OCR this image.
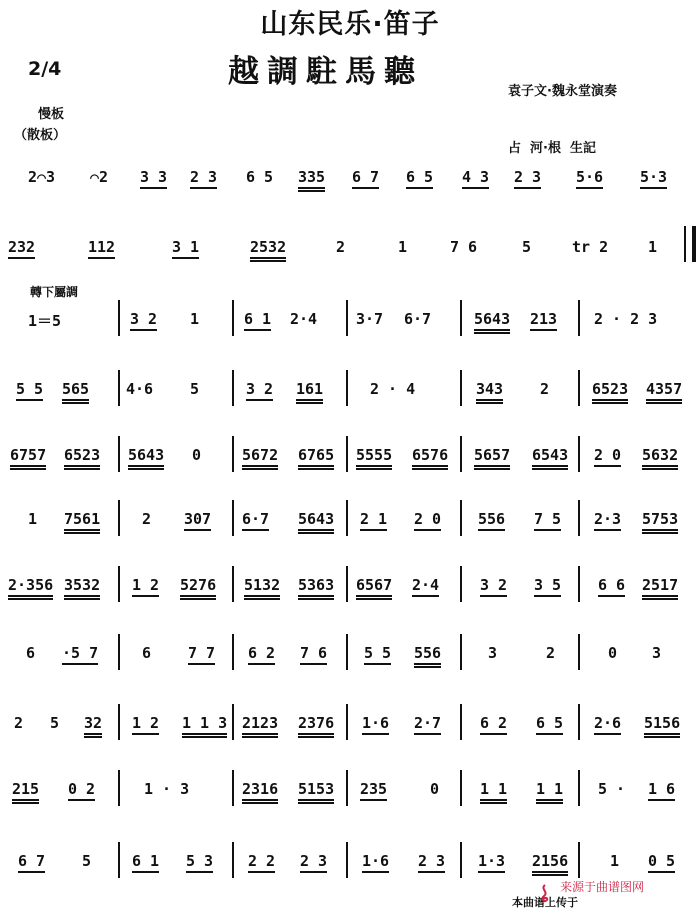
山东民乐·笛子
2/4	越調駐馬聽

袁子文·魏永堂演奏

占  河·根  生記

慢板
（散板）
轉下屬調
2⌒3 ⌒2 3 3 2 3 6 5 335 6 7 6 5 4 3 2 3 5·6 5·3
232	112	3 1	2532	2	1	7 6	5	tr 2	1
1＝5	3 2 1	6 1 2·4	3·7 6·7	5643 213 2 · 2 3
5 5 565 4·6 5	3 2 161	2 · 4	343 2	6523 4357
6757 6523 5643 0	5672 6765 5555 6576 5657 6543 2 0 5632
1 7561	2 307 6·7 5643 2 1 2 0 556 7 5 2·3 5753
2·356 3532 1 2 5276 5132 5363 6567 2·4	3 2 3 5 6 6 2517
6 ·5 7	6 7 7 6 2 7 6 5 5 556	3	2	0 3
2 5 32 1 2 1 1 3 2123 2376 1·6 2·7	6 2 6 5 2·6 5156
215 0 2	1 · 3	2316 5153 235	0	1 1 1 1 5 · 1 6
6 7 5	6 1 5 3 2 2 2 3 1·6 2 3 1·3 2156	1 0 5
本曲谱上传于
来源于曲谱图网
